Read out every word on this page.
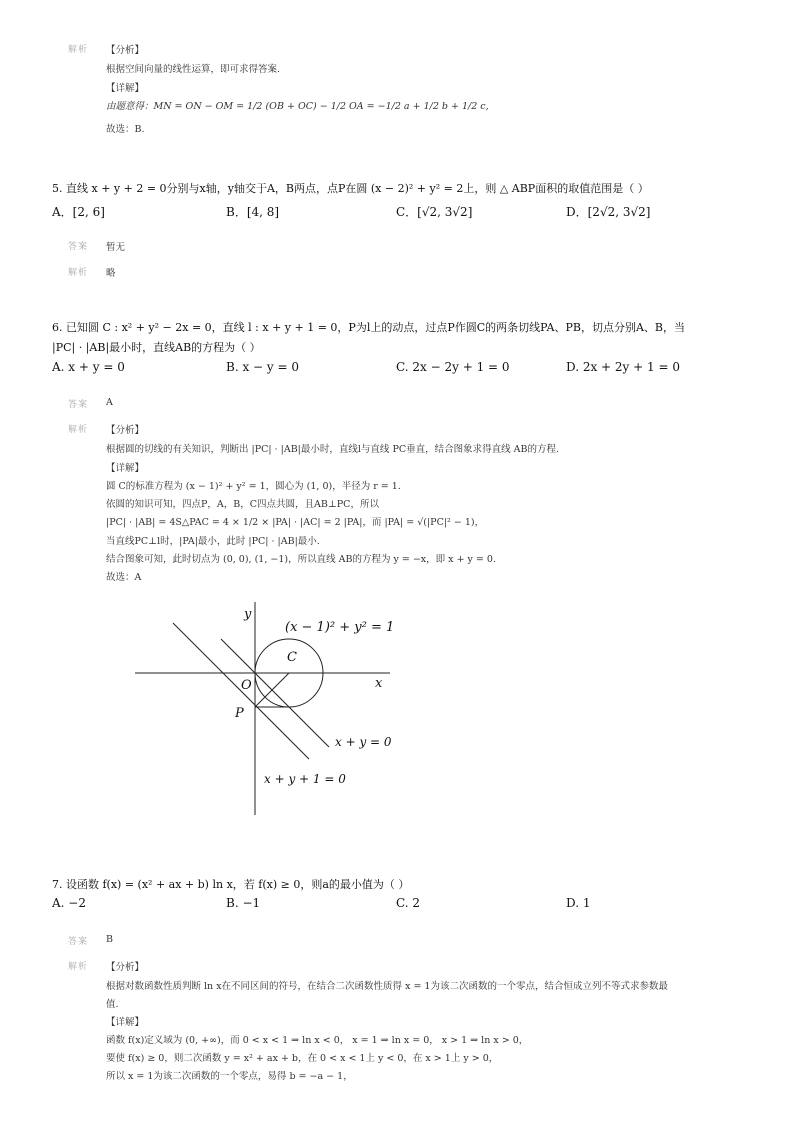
解析 【分析】
根据空间向量的线性运算，即可求得答案.
【详解】
由题意得：MN = ON − OM = 1/2 (OB + OC) − 1/2 OA = −1/2 a + 1/2 b + 1/2 c,
故选：B.
5. 直线 x + y + 2 = 0分别与x轴，y轴交于A，B两点，点P在圆 (x − 2)² + y² = 2上，则 △ ABP面积的取值范围是（ ）
A．[2, 6]	B．[4, 8]	C．[√2, 3√2]	D．[2√2, 3√2]
答案 暂无
解析 略
6. 已知圆 C : x² + y² − 2x = 0，直线 l : x + y + 1 = 0，P为l上的动点，过点P作圆C的两条切线PA、PB，切点分别A、B，当
|PC| · |AB|最小时，直线AB的方程为（ ）
A. x + y = 0	B. x − y = 0	C. 2x − 2y + 1 = 0	D. 2x + 2y + 1 = 0
答案 A
解析 【分析】
根据圆的切线的有关知识，判断出 |PC| · |AB|最小时，直线l与直线 PC垂直，结合图象求得直线 AB的方程.
【详解】
圆 C的标准方程为 (x − 1)² + y² = 1，圆心为 (1, 0)，半径为 r = 1.
依圆的知识可知，四点P，A，B，C四点共圆，且AB⊥PC，所以
|PC| · |AB| = 4S△PAC = 4 × 1/2 × |PA| · |AC| = 2 |PA|，而 |PA| = √(|PC|² − 1)，
当直线PC⊥l时，|PA|最小，此时 |PC| · |AB|最小.
结合图象可知，此时切点为 (0, 0), (1, −1)，所以直线 AB的方程为 y = −x，即 x + y = 0.
故选：A
y
x
(x − 1)² + y² = 1
C
O
P
x + y = 0
x + y + 1 = 0
7. 设函数 f(x) = (x² + ax + b) ln x，若 f(x) ≥ 0，则a的最小值为（ ）
A. −2	B. −1	C. 2	D. 1
答案 B
解析 【分析】
根据对数函数性质判断 ln x在不同区间的符号，在结合二次函数性质得 x = 1为该二次函数的一个零点，结合恒成立列不等式求参数最
值.
【详解】
函数 f(x)定义域为 (0, +∞)，而 0 < x < 1 ⇒ ln x < 0， x = 1 ⇒ ln x = 0， x > 1 ⇒ ln x > 0，
要使 f(x) ≥ 0，则二次函数 y = x² + ax + b，在 0 < x < 1上 y < 0，在 x > 1上 y > 0，
所以 x = 1为该二次函数的一个零点，易得 b = −a − 1，
